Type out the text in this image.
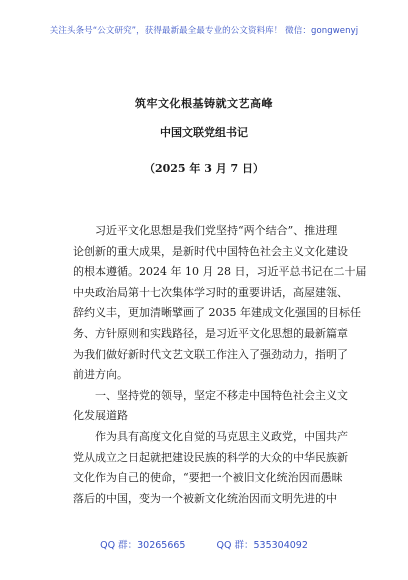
关注头条号“公文研究”，获得最新最全最专业的公文资料库！ 微信：gongwenyj
筑牢文化根基铸就文艺高峰
中国文联党组书记
（2025 年 3 月 7 日）
　　习近平文化思想是我们党坚持“两个结合”、推进理
论创新的重大成果，是新时代中国特色社会主义文化建设
的根本遵循。2024 年 10 月 28 日，习近平总书记在二十届
中央政治局第十七次集体学习时的重要讲话，高屋建瓴、
辞约义丰，更加清晰擘画了 2035 年建成文化强国的目标任
务、方针原则和实践路径，是习近平文化思想的最新篇章
为我们做好新时代文艺文联工作注入了强劲动力，指明了
前进方向。
　　一、坚持党的领导，坚定不移走中国特色社会主义文
化发展道路
　　作为具有高度文化自觉的马克思主义政党，中国共产
党从成立之日起就把建设民族的科学的大众的中华民族新
文化作为自己的使命，“要把一个被旧文化统治因而愚昧
落后的中国，变为一个被新文化统治因而文明先进的中
QQ 群：30265665	QQ 群：535304092
